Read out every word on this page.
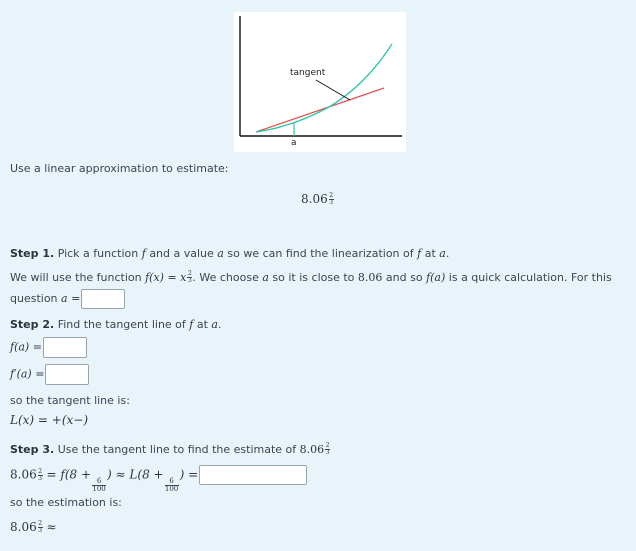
tangent
a
Use a linear approximation to estimate:
$8.06 \frac{2}{3}$
Step 1. Pick a function f and a value a so we can find the linearization of f at a.
We will use the function f(x) = x $\frac{2}{3}$ . We choose a so it is close to 8.06 and so f(a) is a quick calculation. For this
question a =
Step 2. Find the tangent line of f at a.
f(a) =
f′(a) =
so the tangent line is:
L(x) = +(x−)
Step 3. Use the tangent line to find the estimate of $8.06 \frac{2}{3}$
$8.06 \frac{2}{3} = f(8$ +
$\frac{6}{100}$
) ≈ L(8 +
$\frac{6}{100}$
) =
so the estimation is:
$8.06 \frac{2}{3}$ ≈
